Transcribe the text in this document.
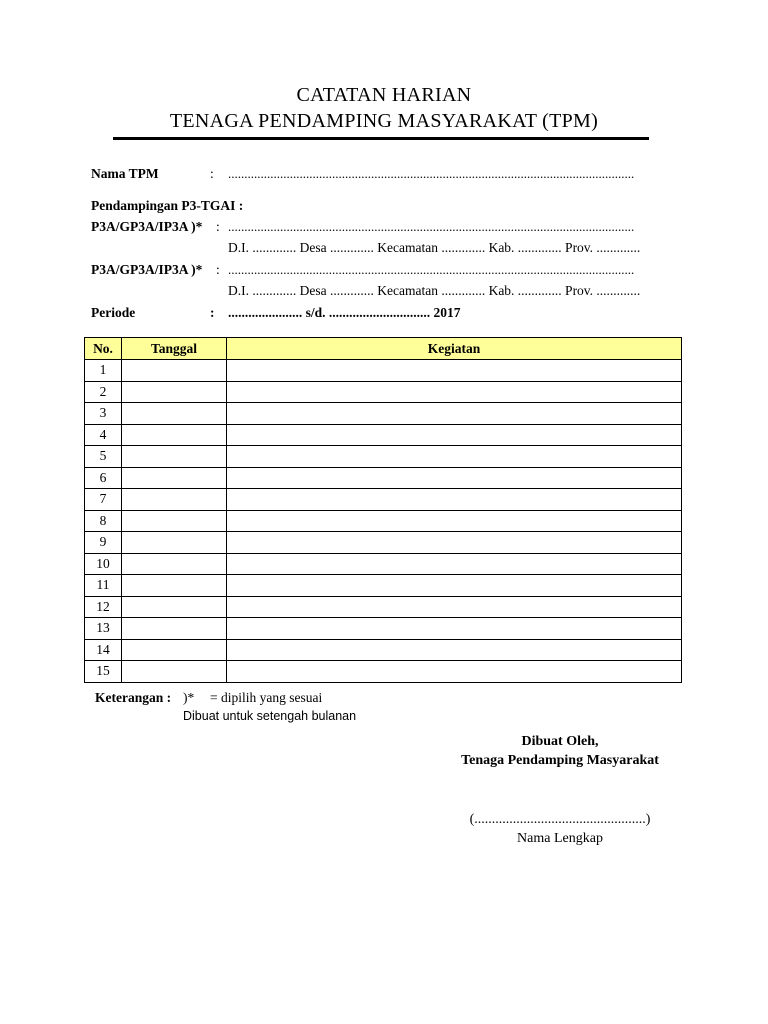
CATATAN HARIAN
TENAGA PENDAMPING MASYARAKAT (TPM)
Nama TPM	: .............................................................................................................................
Pendampingan P3-TGAI :
P3A/GP3A/IP3A )* : .............................................................................................................................
D.I. ............. Desa ............. Kecamatan ............. Kab. ............. Prov. .............
P3A/GP3A/IP3A )* : .............................................................................................................................
D.I. ............. Desa ............. Kecamatan ............. Kab. ............. Prov. .............
Periode	: ...................... s/d. .............................. 2017
No.	Tanggal	Kegiatan
1		
2		
3		
4		
5		
6		
7		
8		
9		
10		
11		
12		
13		
14		
15		
Keterangan : )* = dipilih yang sesuai
Dibuat untuk setengah bulanan
Dibuat Oleh,
Tenaga Pendamping Masyarakat
(.................................................)
Nama Lengkap
